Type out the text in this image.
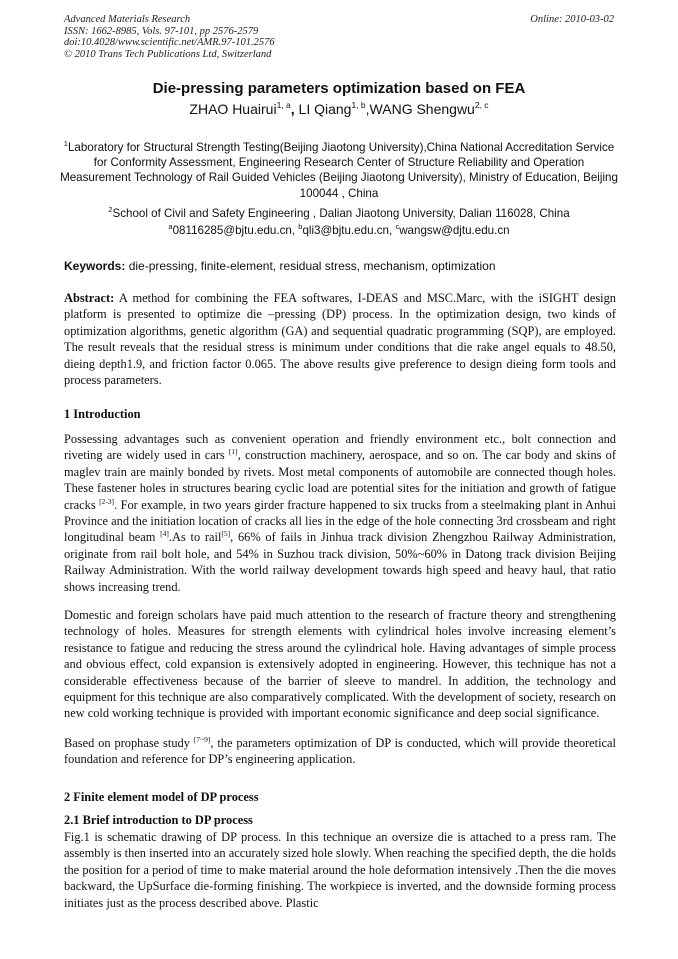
Advanced Materials Research
ISSN: 1662-8985, Vols. 97-101, pp 2576-2579
doi:10.4028/www.scientific.net/AMR.97-101.2576
© 2010 Trans Tech Publications Ltd, Switzerland
Online: 2010-03-02
Die-pressing parameters optimization based on FEA
ZHAO Huairui$^{1, a}$, LI Qiang$^{1, b}$,WANG Shengwu$^{2, c}$
$^1$Laboratory for Structural Strength Testing(Beijing Jiaotong University),China National Accreditation Service for Conformity Assessment, Engineering Research Center of Structure Reliability and Operation Measurement Technology of Rail Guided Vehicles (Beijing Jiaotong University), Ministry of Education, Beijing 100044 , China
$^2$School of Civil and Safety Engineering , Dalian Jiaotong University, Dalian 116028, China
$^a$08116285@bjtu.edu.cn, $^b$qli3@bjtu.edu.cn, $^c$wangsw@djtu.edu.cn
Keywords: die-pressing, finite-element, residual stress, mechanism, optimization
Abstract: A method for combining the FEA softwares, I-DEAS and MSC.Marc, with the iSIGHT design platform is presented to optimize die –pressing (DP) process. In the optimization design, two kinds of optimization algorithms, genetic algorithm (GA) and sequential quadratic programming (SQP), are employed. The result reveals that the residual stress is minimum under conditions that die rake angel equals to 48.50, dieing depth1.9, and friction factor 0.065. The above results give preference to design dieing form tools and process parameters.
1 Introduction
Possessing advantages such as convenient operation and friendly environment etc., bolt connection and riveting are widely used in cars [1], construction machinery, aerospace, and so on. The car body and skins of maglev train are mainly bonded by rivets. Most metal components of automobile are connected though holes. These fastener holes in structures bearing cyclic load are potential sites for the initiation and growth of fatigue cracks [2-3]. For example, in two years girder fracture happened to six trucks from a steelmaking plant in Anhui Province and the initiation location of cracks all lies in the edge of the hole connecting 3rd crossbeam and right longitudinal beam [4].As to rail[5], 66% of fails in Jinhua track division Zhengzhou Railway Administration, originate from rail bolt hole, and 54% in Suzhou track division, 50%~60% in Datong track division Beijing Railway Administration. With the world railway development towards high speed and heavy haul, that ratio shows increasing trend.
Domestic and foreign scholars have paid much attention to the research of fracture theory and strengthening technology of holes. Measures for strength elements with cylindrical holes involve increasing element’s resistance to fatigue and reducing the stress around the cylindrical hole. Having advantages of simple process and obvious effect, cold expansion is extensively adopted in engineering. However, this technique has not a considerable effectiveness because of the barrier of sleeve to mandrel. In addition, the technology and equipment for this technique are also comparatively complicated. With the development of society, research on new cold working technique is provided with important economic significance and deep social significance.
Based on prophase study [7~9], the parameters optimization of DP is conducted, which will provide theoretical foundation and reference for DP’s engineering application.
2 Finite element model of DP process
2.1 Brief introduction to DP process
Fig.1 is schematic drawing of DP process. In this technique an oversize die is attached to a press ram. The assembly is then inserted into an accurately sized hole slowly. When reaching the specified depth, the die holds the position for a period of time to make material around the hole deformation intensively .Then the die moves backward, the UpSurface die-forming finishing. The workpiece is inverted, and the downside forming process initiates just as the process described above. Plastic
